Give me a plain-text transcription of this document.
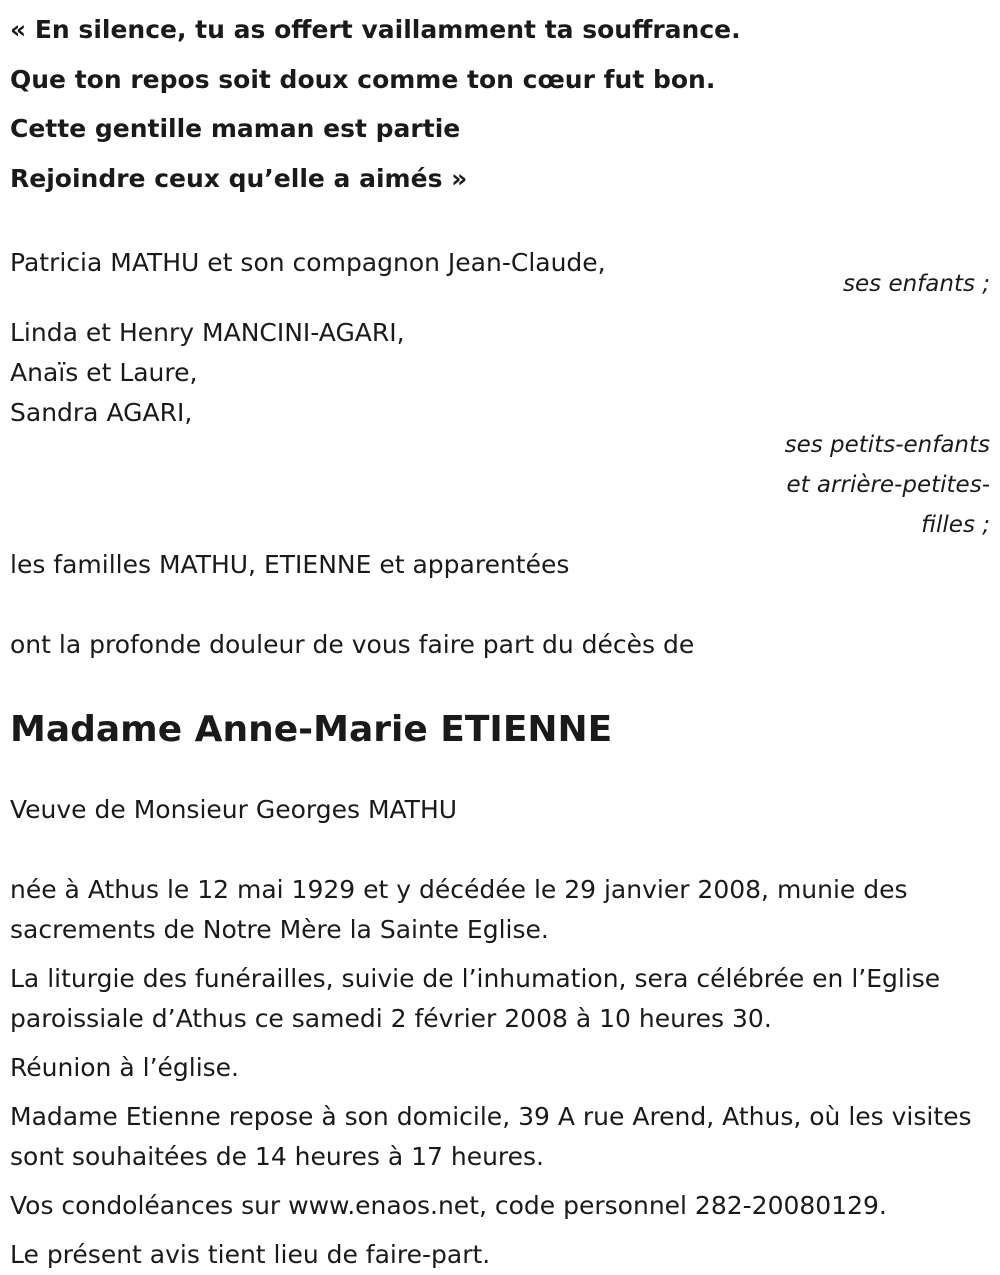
« En silence, tu as offert vaillamment ta souffrance.

Que ton repos soit doux comme ton cœur fut bon.

Cette gentille maman est partie

Rejoindre ceux qu’elle a aimés »

Patricia MATHU et son compagnon Jean-Claude,

ses enfants ;

Linda et Henry MANCINI-AGARI,

Anaïs et Laure,

Sandra AGARI,

ses petits-enfants

et arrière-petites-

filles ;

les familles MATHU, ETIENNE et apparentées

ont la profonde douleur de vous faire part du décès de

Madame Anne-Marie ETIENNE

Veuve de Monsieur Georges MATHU

née à Athus le 12 mai 1929 et y décédée le 29 janvier 2008, munie des sacrements de Notre Mère la Sainte Eglise.

La liturgie des funérailles, suivie de l’inhumation, sera célébrée en l’Eglise paroissiale d’Athus ce samedi 2 février 2008 à 10 heures 30.

Réunion à l’église.

Madame Etienne repose à son domicile, 39 A rue Arend, Athus, où les visites sont souhaitées de 14 heures à 17 heures.

Vos condoléances sur www.enaos.net, code personnel 282-20080129.

Le présent avis tient lieu de faire-part.
